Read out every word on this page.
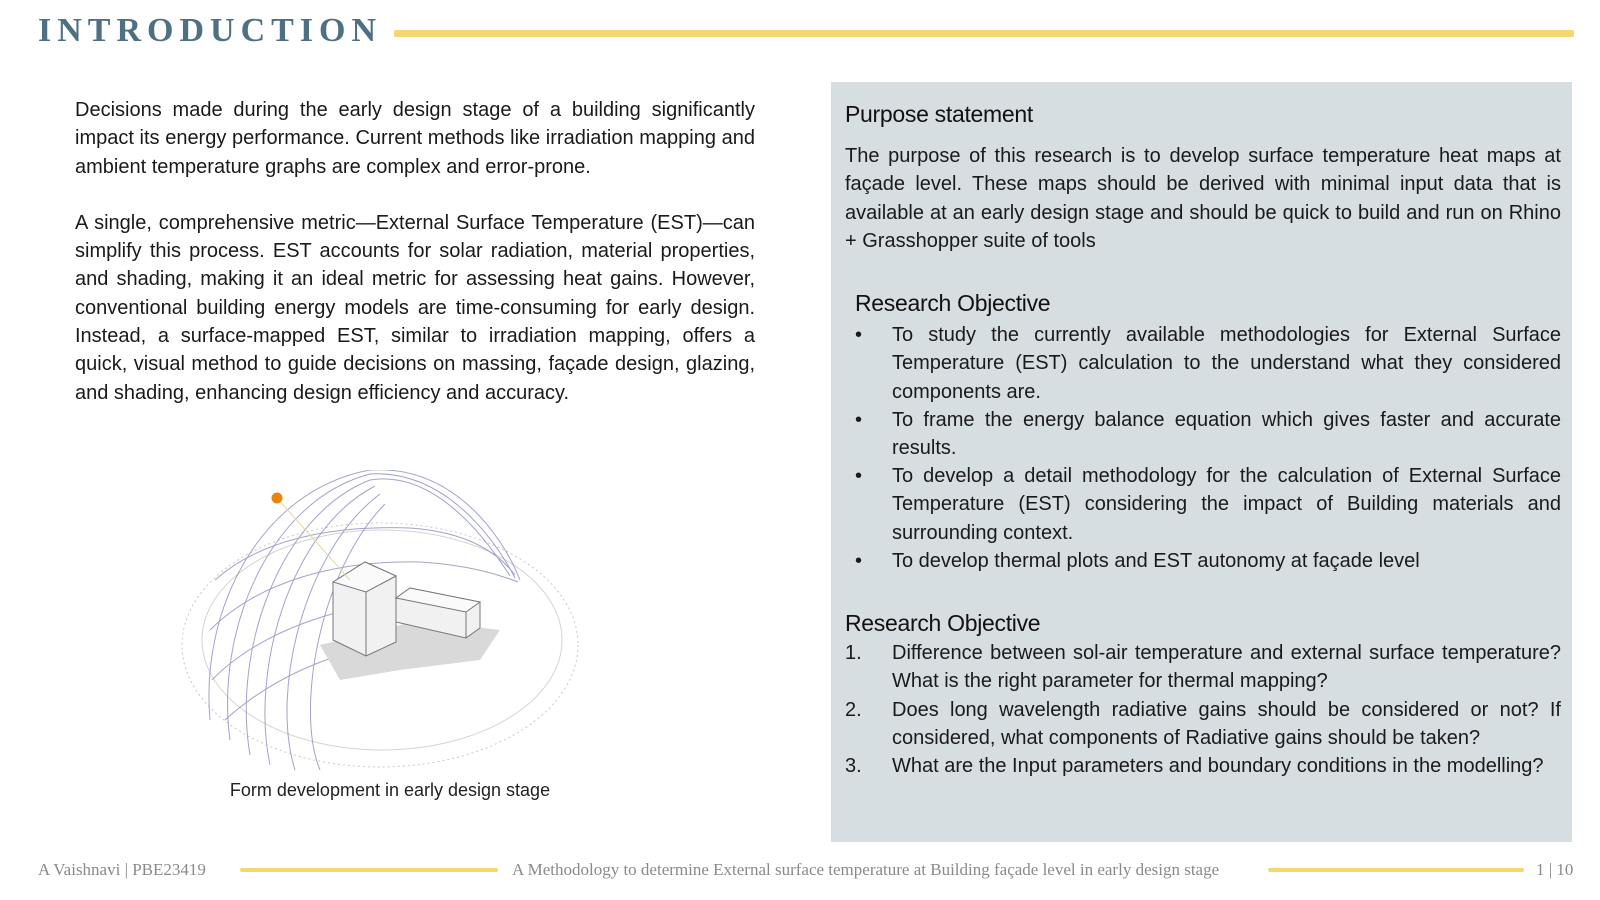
INTRODUCTION

Decisions made during the early design stage of a building significantly impact its energy performance. Current methods like irradiation mapping and ambient temperature graphs are complex and error-prone.

A single, comprehensive metric—External Surface Temperature (EST)—can simplify this process. EST accounts for solar radiation, material properties, and shading, making it an ideal metric for assessing heat gains. However, conventional building energy models are time-consuming for early design. Instead, a surface-mapped EST, similar to irradiation mapping, offers a quick, visual method to guide decisions on massing, façade design, glazing, and shading, enhancing design efficiency and accuracy.

Form development in early design stage
Purpose statement

The purpose of this research is to develop surface temperature heat maps at façade level. These maps should be derived with minimal input data that is available at an early design stage and should be quick to build and run on Rhino + Grasshopper suite of tools

Research Objective
• To study the currently available methodologies for External Surface Temperature (EST) calculation to the understand what they considered components are.
• To frame the energy balance equation which gives faster and accurate results.
• To develop a detail methodology for the calculation of External Surface Temperature (EST) considering the impact of Building materials and surrounding context.
• To develop thermal plots and EST autonomy at façade level
Research Objective
1. Difference between sol-air temperature and external surface temperature? What is the right parameter for thermal mapping?
2. Does long wavelength radiative gains should be considered or not? If considered, what components of Radiative gains should be taken?
3. What are the Input parameters and boundary conditions in the modelling?
A Vaishnavi | PBE23419	A Methodology to determine External surface temperature at Building façade level in early design stage	1 | 10
